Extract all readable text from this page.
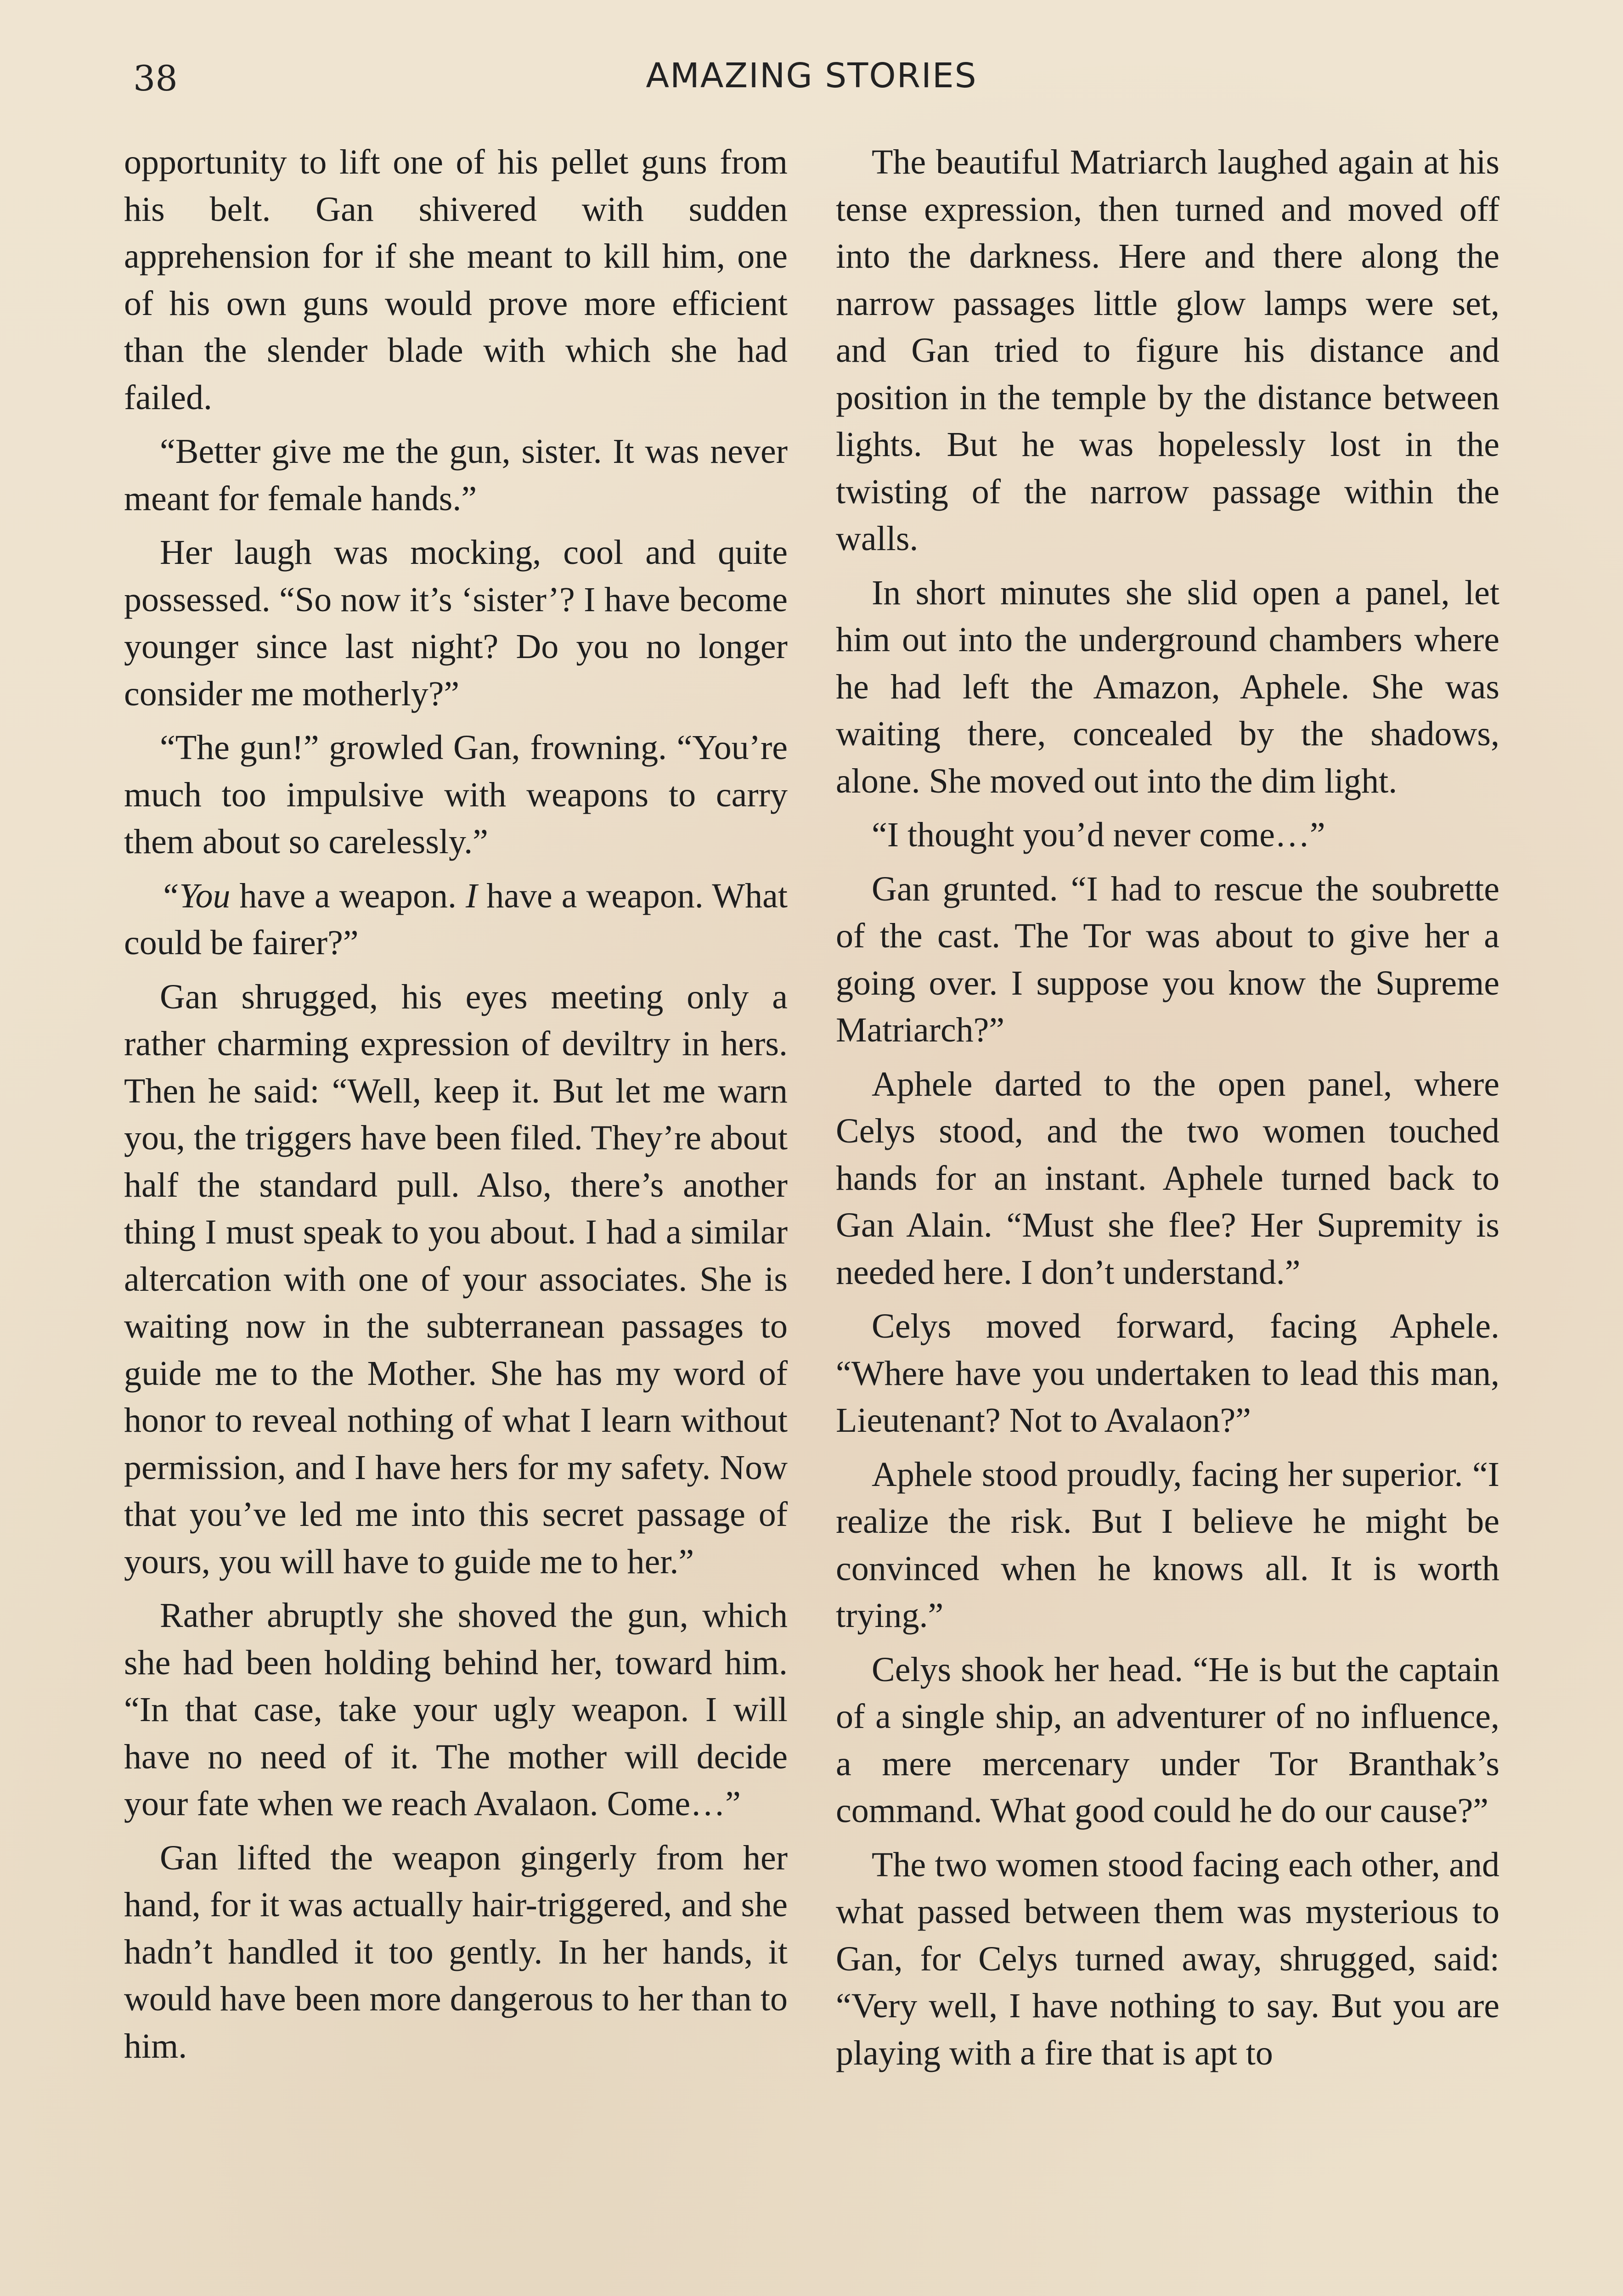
38	AMAZING STORIES

opportunity to lift one of his pellet guns from his belt. Gan shivered with sudden apprehension for if she meant to kill him, one of his own guns would prove more efficient than the slender blade with which she had failed.

“Better give me the gun, sister. It was never meant for female hands.”

Her laugh was mocking, cool and quite possessed. “So now it’s ‘sister’? I have become younger since last night? Do you no longer consider me motherly?”

“The gun!” growled Gan, frowning. “You’re much too impulsive with weapons to carry them about so carelessly.”

“You have a weapon. I have a weapon. What could be fairer?”

Gan shrugged, his eyes meeting only a rather charming expression of deviltry in hers. Then he said: “Well, keep it. But let me warn you, the triggers have been filed. They’re about half the standard pull. Also, there’s another thing I must speak to you about. I had a similar altercation with one of your associates. She is waiting now in the subterranean passages to guide me to the Mother. She has my word of honor to reveal nothing of what I learn without permission, and I have hers for my safety. Now that you’ve led me into this secret passage of yours, you will have to guide me to her.”

Rather abruptly she shoved the gun, which she had been holding behind her, toward him. “In that case, take your ugly weapon. I will have no need of it. The mother will decide your fate when we reach Avalaon. Come…”

Gan lifted the weapon gingerly from her hand, for it was actually hair-triggered, and she hadn’t handled it too gently. In her hands, it would have been more dangerous to her than to him.

The beautiful Matriarch laughed again at his tense expression, then turned and moved off into the darkness. Here and there along the narrow passages little glow lamps were set, and Gan tried to figure his distance and position in the temple by the distance between lights. But he was hopelessly lost in the twisting of the narrow passage within the walls.

In short minutes she slid open a panel, let him out into the underground chambers where he had left the Amazon, Aphele. She was waiting there, concealed by the shadows, alone. She moved out into the dim light.

“I thought you’d never come…”

Gan grunted. “I had to rescue the soubrette of the cast. The Tor was about to give her a going over. I suppose you know the Supreme Matriarch?”

Aphele darted to the open panel, where Celys stood, and the two women touched hands for an instant. Aphele turned back to Gan Alain. “Must she flee? Her Supremity is needed here. I don’t understand.”

Celys moved forward, facing Aphele. “Where have you undertaken to lead this man, Lieutenant? Not to Avalaon?”

Aphele stood proudly, facing her superior. “I realize the risk. But I believe he might be convinced when he knows all. It is worth trying.”

Celys shook her head. “He is but the captain of a single ship, an adventurer of no influence, a mere mercenary under Tor Branthak’s command. What good could he do our cause?”

The two women stood facing each other, and what passed between them was mysterious to Gan, for Celys turned away, shrugged, said: “Very well, I have nothing to say. But you are playing with a fire that is apt to
